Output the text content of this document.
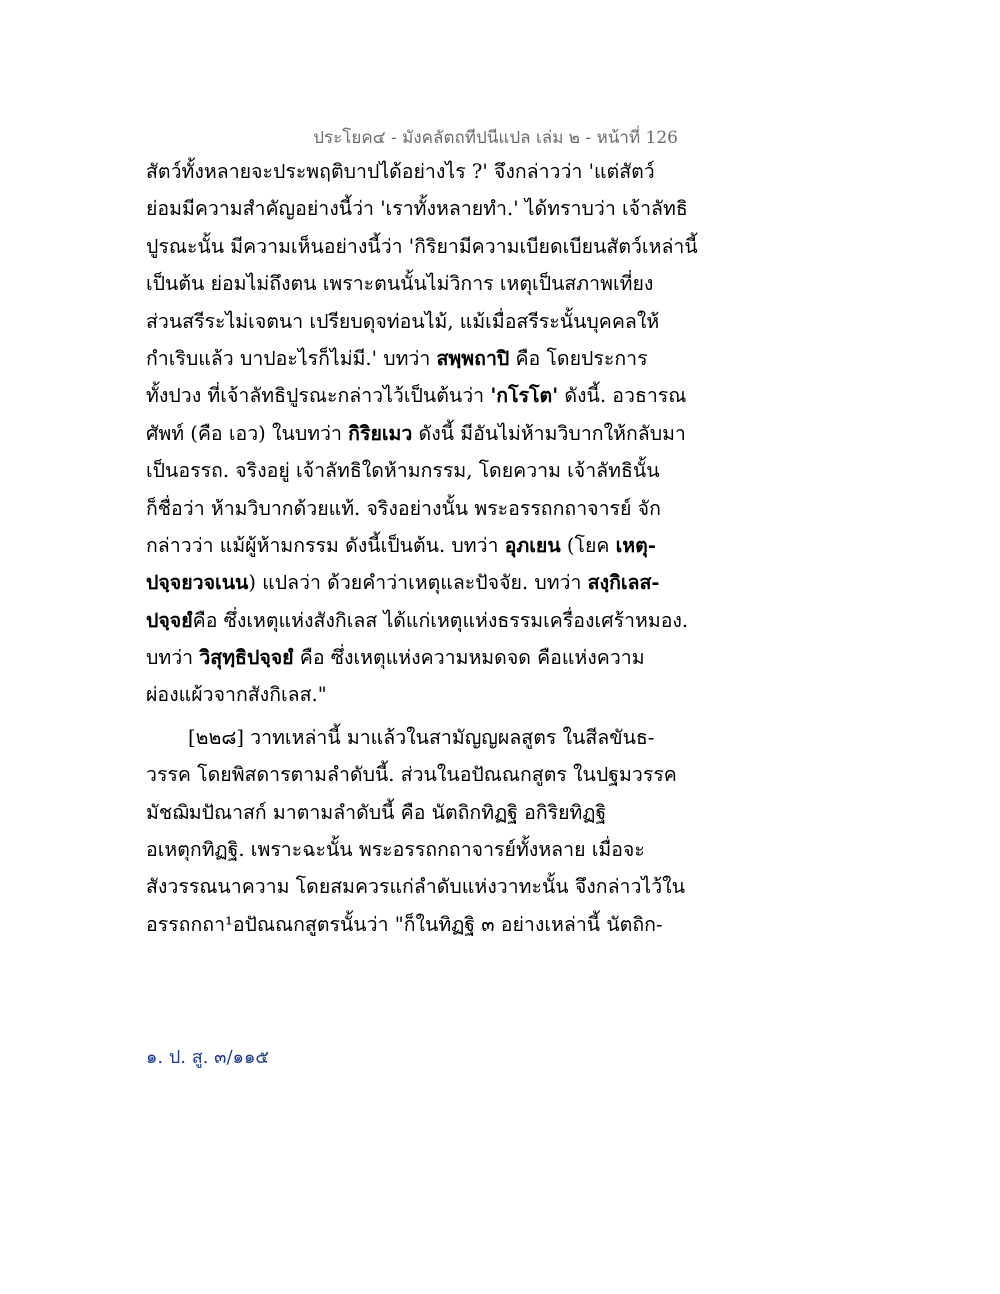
ประโยค๔ - มังคลัตถทีปนีแปล เล่ม ๒ - หน้าที่ 126
สัตว์ทั้งหลายจะประพฤติบาปได้อย่างไร ?' จึงกล่าวว่า 'แต่สัตว์
ย่อมมีความสำคัญอย่างนี้ว่า 'เราทั้งหลายทำ.' ได้ทราบว่า เจ้าลัทธิ
ปูรณะนั้น มีความเห็นอย่างนี้ว่า 'กิริยามีความเบียดเบียนสัตว์เหล่านี้
เป็นต้น ย่อมไม่ถึงตน เพราะตนนั้นไม่วิการ เหตุเป็นสภาพเที่ยง
ส่วนสรีระไม่เจตนา เปรียบดุจท่อนไม้, แม้เมื่อสรีระนั้นบุคคลให้
กำเริบแล้ว บาปอะไรก็ไม่มี.' บทว่า สพฺพถาปิ คือ โดยประการ
ทั้งปวง ที่เจ้าลัทธิปูรณะกล่าวไว้เป็นต้นว่า 'กโรโต' ดังนี้. อวธารณ
ศัพท์ (คือ เอว) ในบทว่า กิริยเมว ดังนี้ มีอันไม่ห้ามวิบากให้กลับมา
เป็นอรรถ. จริงอยู่ เจ้าลัทธิใดห้ามกรรม, โดยความ เจ้าลัทธินั้น
ก็ชื่อว่า ห้ามวิบากด้วยแท้. จริงอย่างนั้น พระอรรถกถาจารย์ จัก
กล่าวว่า แม้ผู้ห้ามกรรม ดังนี้เป็นต้น. บทว่า อุภเยน (โยค เหตุ-
ปจฺจยวจเนน) แปลว่า ด้วยคำว่าเหตุและปัจจัย. บทว่า สงฺกิเลส-
ปจฺจยํคือ ซึ่งเหตุแห่งสังกิเลส ได้แก่เหตุแห่งธรรมเครื่องเศร้าหมอง.
บทว่า วิสุทฺธิปจฺจยํ คือ ซึ่งเหตุแห่งความหมดจด คือแห่งความ
ผ่องแผ้วจากสังกิเลส."
[๒๒๘] วาทเหล่านี้ มาแล้วในสามัญญผลสูตร ในสีลขันธ-
วรรค โดยพิสดารตามลำดับนี้. ส่วนในอปัณณกสูตร ในปฐมวรรค
มัชฌิมปัณาสก์ มาตามลำดับนี้ คือ นัตถิกทิฏฐิ อกิริยทิฏฐิ
อเหตุกทิฏฐิ. เพราะฉะนั้น พระอรรถกถาจารย์ทั้งหลาย เมื่อจะ
สังวรรณนาความ โดยสมควรแก่ลำดับแห่งวาทะนั้น จึงกล่าวไว้ใน
อรรถกถา¹อปัณณกสูตรนั้นว่า "ก็ในทิฏฐิ ๓ อย่างเหล่านี้ นัตถิก-
๑. ป. สู. ๓/๑๑๕
